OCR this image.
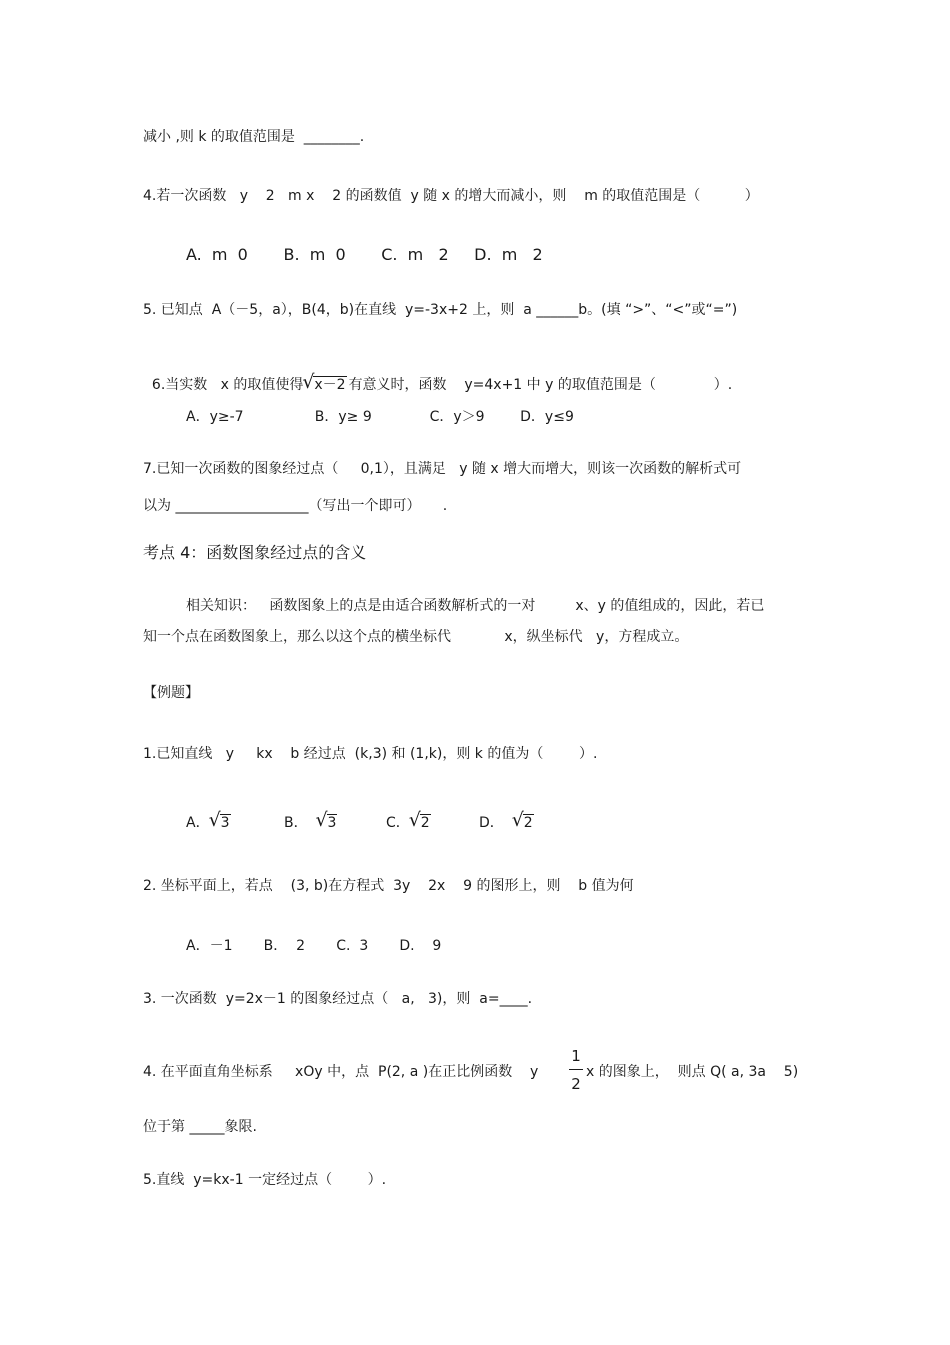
减小 ,则 k 的取值范围是  ________.
4.若一次函数   y    2   m x    2 的函数值  y 随 x 的增大而减小，则    m 的取值范围是（          ）
A.  m  0       B.  m  0       C.  m   2     D.  m   2
5. 已知点  A（－5，a），B(4，b)在直线  y=-3x+2 上，则  a ______b。(填 “>”、“<”或“=”)

6.当实数   x 的取值使得 √ x－2 有意义时，函数    y=4x+1 中 y 的取值范围是（             ）.

A．y≥-7                B．y≥ 9             C．y＞9        D．y≤9
7.已知一次函数的图象经过点（     0,1），且满足   y 随 x 增大而增大，则该一次函数的解析式可
以为 ___________________（写出一个即可）     .
考点 4：函数图象经过点的含义
相关知识：   函数图象上的点是由适合函数解析式的一对         x、y 的值组成的，因此，若已
知一个点在函数图象上，那么以这个点的横坐标代            x，纵坐标代   y，方程成立。
【例题】
1.已知直线   y     kx    b 经过点  (k,3) 和 (1,k)，则 k 的值为（        ）.
A． √ 3	B． √ 3	C． √ 2	D． √ 2
2. 坐标平面上，若点    (3, b)在方程式  3y    2x    9 的图形上，则    b 值为何
A．－1       B．  2       C.  3       D.    9
3. 一次函数  y=2x－1 的图象经过点（   a,   3)，则  a=____.
4. 在平面直角坐标系     xOy 中，点  P(2, a )在正比例函数    y
1
2
x 的图象上，  则点 Q( a, 3a    5)
位于第 _____象限.
5.直线  y=kx-1 一定经过点（        ）.
